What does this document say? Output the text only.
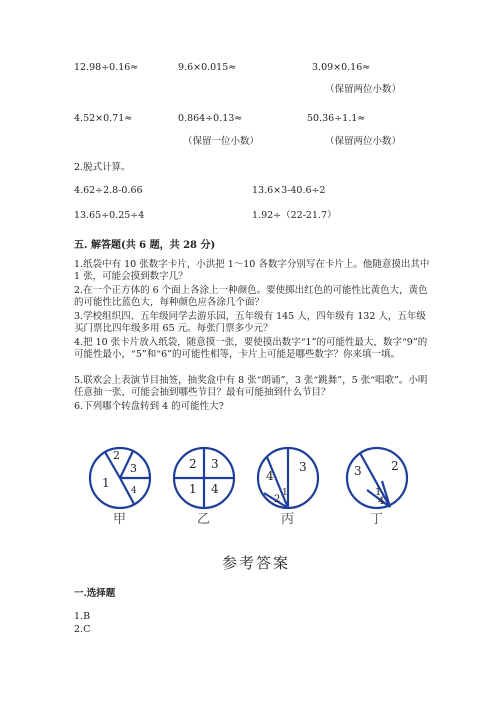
12.98÷0.16≈	9.6×0.015≈	3.09×0.16≈
（保留两位小数）
4.52×0.71≈	0.864÷0.13≈	50.36÷1.1≈
（保留一位小数）	（保留两位小数）
2.脱式计算。
4.62÷2.8-0.66	13.6×3-40.6÷2
13.65÷0.25÷4	1.92÷（22-21.7）
五. 解答题(共 6 题，共 28 分)
1.纸袋中有 10 张数字卡片，小洪把 1～10 各数字分别写在卡片上。他随意摸出其中 1 张，可能会摸到数字几？
2.在一个正方体的 6 个面上各涂上一种颜色。要使掷出红色的可能性比黄色大，黄色的可能性比蓝色大，每种颜色应各涂几个面？
3.学校组织四、五年级同学去游乐园，五年级有 145 人，四年级有 132 人，五年级买门票比四年级多用 65 元。每张门票多少元？
4.把 10 张卡片放入纸袋，随意摸一张，要使摸出数字“1”的可能性最大，数字“9”的可能性最小，“5”和“6”的可能性相等，卡片上可能是哪些数字？你来填一填。
5.联欢会上表演节目抽签，抽奖盒中有 8 张“朗诵”，3 张“跳舞”，5 张“唱歌”。小明任意抽一张，可能会抽到哪些节目？最有可能抽到什么节目？
6.下列哪个转盘转到 4 的可能性大?
1
2
3
4
2 3
1 4
3
4
1
2
3 2
1
4
甲	乙	丙	丁
参考答案
一.选择题
1.B
2.C
